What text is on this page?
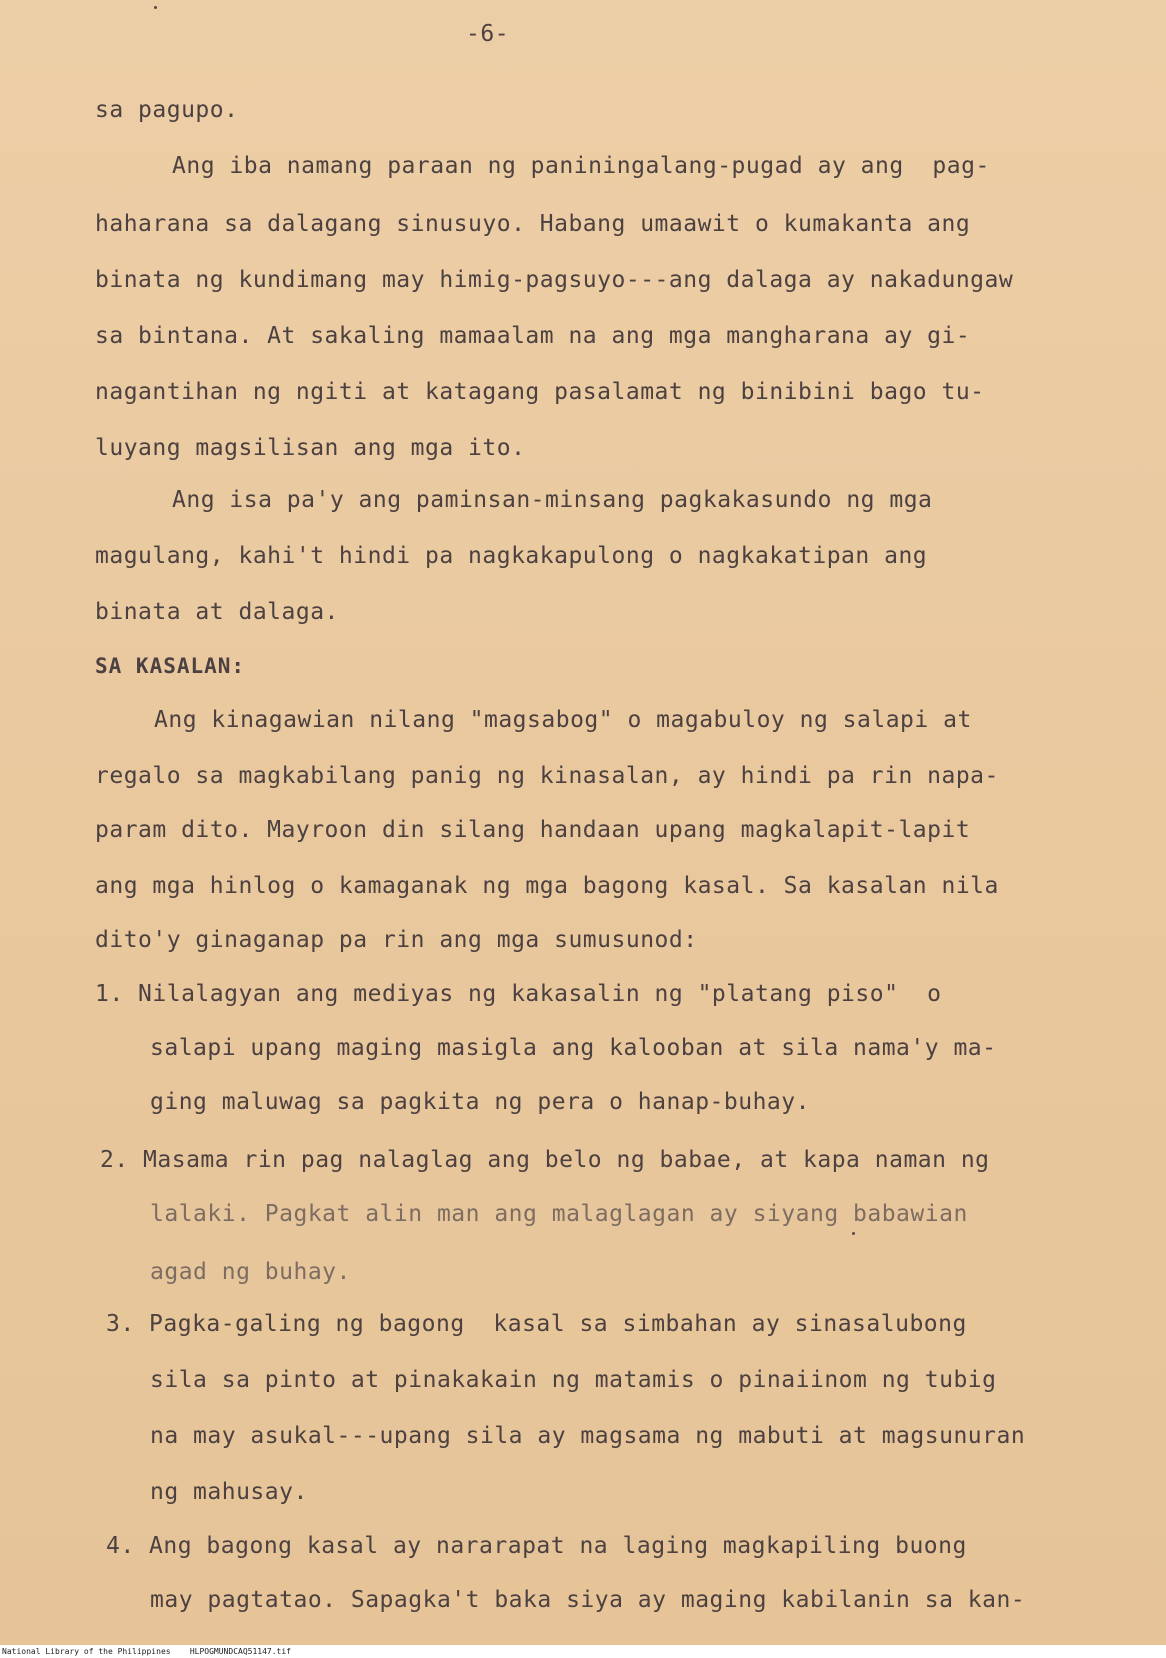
-6-
sa pagupo.
Ang iba namang paraan ng paniningalang-pugad ay ang  pag-
haharana sa dalagang sinusuyo. Habang umaawit o kumakanta ang
binata ng kundimang may himig-pagsuyo---ang dalaga ay nakadungaw
sa bintana. At sakaling mamaalam na ang mga mangharana ay gi-
nagantihan ng ngiti at katagang pasalamat ng binibini bago tu-
luyang magsilisan ang mga ito.
Ang isa pa'y ang paminsan-minsang pagkakasundo ng mga
magulang, kahi't hindi pa nagkakapulong o nagkakatipan ang
binata at dalaga.
SA KASALAN:
Ang kinagawian nilang "magsabog" o magabuloy ng salapi at
regalo sa magkabilang panig ng kinasalan, ay hindi pa rin napa-
param dito. Mayroon din silang handaan upang magkalapit-lapit
ang mga hinlog o kamaganak ng mga bagong kasal. Sa kasalan nila
dito'y ginaganap pa rin ang mga sumusunod:
1. Nilalagyan ang mediyas ng kakasalin ng "platang piso"  o
salapi upang maging masigla ang kalooban at sila nama'y ma-
ging maluwag sa pagkita ng pera o hanap-buhay.
2. Masama rin pag nalaglag ang belo ng babae, at kapa naman ng
lalaki. Pagkat alin man ang malaglagan ay siyang babawian
agad ng buhay.
3. Pagka-galing ng bagong  kasal sa simbahan ay sinasalubong
sila sa pinto at pinakakain ng matamis o pinaiinom ng tubig
na may asukal---upang sila ay magsama ng mabuti at magsunuran
ng mahusay.
4. Ang bagong kasal ay nararapat na laging magkapiling buong
may pagtatao. Sapagka't baka siya ay maging kabilanin sa kan-
National Library of the Philippines    HLPOGMUNDCAQ51147.tif
